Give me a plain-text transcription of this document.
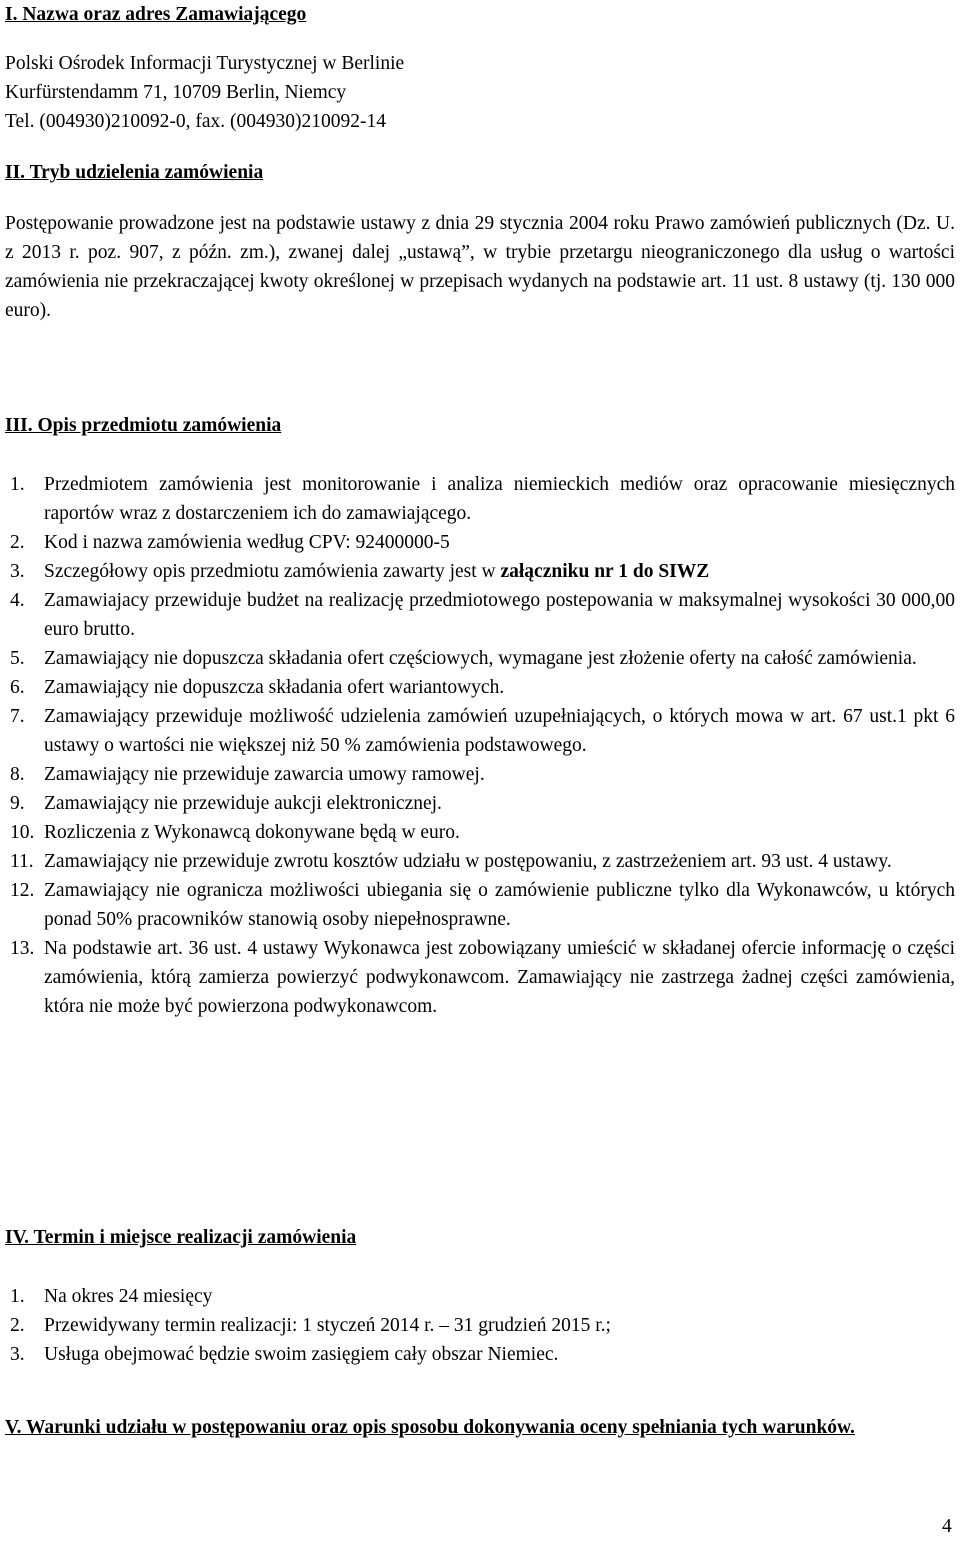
I. Nazwa oraz adres Zamawiającego

Polski Ośrodek Informacji Turystycznej w Berlinie

Kurfürstendamm 71, 10709 Berlin, Niemcy

Tel. (004930)210092-0, fax. (004930)210092-14

II. Tryb udzielenia zamówienia

Postępowanie prowadzone jest na podstawie ustawy z dnia 29 stycznia 2004 roku Prawo zamówień publicznych (Dz. U. z 2013 r. poz. 907, z późn. zm.), zwanej dalej „ustawą”, w trybie przetargu nieograniczonego dla usług o wartości zamówienia nie przekraczającej kwoty określonej w przepisach wydanych na podstawie art. 11 ust. 8 ustawy (tj. 130 000 euro).

III. Opis przedmiotu zamówienia
1. Przedmiotem zamówienia jest monitorowanie i analiza niemieckich mediów oraz opracowanie miesięcznych raportów wraz z dostarczeniem ich do zamawiającego.
2. Kod i nazwa zamówienia według CPV: 92400000-5
3. Szczegółowy opis przedmiotu zamówienia zawarty jest w załączniku nr 1 do SIWZ
4. Zamawiajacy przewiduje budżet na realizację przedmiotowego postepowania w maksymalnej wysokości 30 000,00 euro brutto.
5. Zamawiający nie dopuszcza składania ofert częściowych, wymagane jest złożenie oferty na całość zamówienia.
6. Zamawiający nie dopuszcza składania ofert wariantowych.
7. Zamawiający przewiduje możliwość udzielenia zamówień uzupełniających, o których mowa w art. 67 ust.1 pkt 6 ustawy o wartości nie większej niż 50 % zamówienia podstawowego.
8. Zamawiający nie przewiduje zawarcia umowy ramowej.
9. Zamawiający nie przewiduje aukcji elektronicznej.
10. Rozliczenia z Wykonawcą dokonywane będą w euro.
11. Zamawiający nie przewiduje zwrotu kosztów udziału w postępowaniu, z zastrzeżeniem art. 93 ust. 4 ustawy.
12. Zamawiający nie ogranicza możliwości ubiegania się o zamówienie publiczne tylko dla Wykonawców, u których ponad 50% pracowników stanowią osoby niepełnosprawne.
13. Na podstawie art. 36 ust. 4 ustawy Wykonawca jest zobowiązany umieścić w składanej ofercie informację o części zamówienia, którą zamierza powierzyć podwykonawcom. Zamawiający nie zastrzega żadnej części zamówienia, która nie może być powierzona podwykonawcom.
IV. Termin i miejsce realizacji zamówienia
1. Na okres 24 miesięcy
2. Przewidywany termin realizacji: 1 styczeń 2014 r. – 31 grudzień 2015 r.;
3. Usługa obejmować będzie swoim zasięgiem cały obszar Niemiec.
V. Warunki udziału w postępowaniu oraz opis sposobu dokonywania oceny spełniania tych warunków.
4
